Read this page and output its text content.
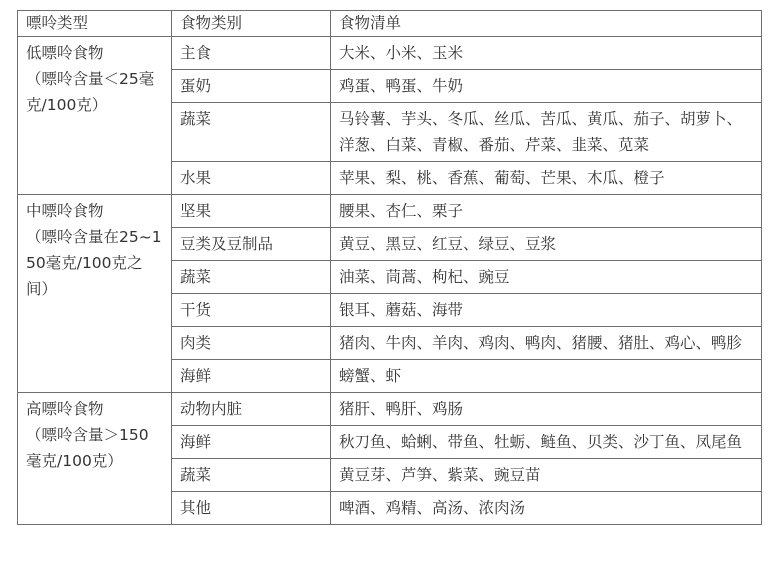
嘌呤类型	食物类别	食物清单

低嘌呤食物
（嘌呤含量＜25毫克/100克）	主食	大米、小米、玉米
	蛋奶	鸡蛋、鸭蛋、牛奶
	蔬菜	马铃薯、芋头、冬瓜、丝瓜、苦瓜、黄瓜、茄子、胡萝卜、洋葱、白菜、青椒、番茄、芹菜、韭菜、苋菜
	水果	苹果、梨、桃、香蕉、葡萄、芒果、木瓜、橙子

中嘌呤食物
（嘌呤含量在25~150毫克/100克之间）	坚果	腰果、杏仁、栗子
	豆类及豆制品	黄豆、黑豆、红豆、绿豆、豆浆
	蔬菜	油菜、茼蒿、枸杞、豌豆
	干货	银耳、蘑菇、海带
	肉类	猪肉、牛肉、羊肉、鸡肉、鸭肉、猪腰、猪肚、鸡心、鸭胗
	海鲜	螃蟹、虾

高嘌呤食物
（嘌呤含量＞150毫克/100克）	动物内脏	猪肝、鸭肝、鸡肠
	海鲜	秋刀鱼、蛤蜊、带鱼、牡蛎、鲢鱼、贝类、沙丁鱼、凤尾鱼
	蔬菜	黄豆芽、芦笋、紫菜、豌豆苗
	其他	啤酒、鸡精、高汤、浓肉汤
